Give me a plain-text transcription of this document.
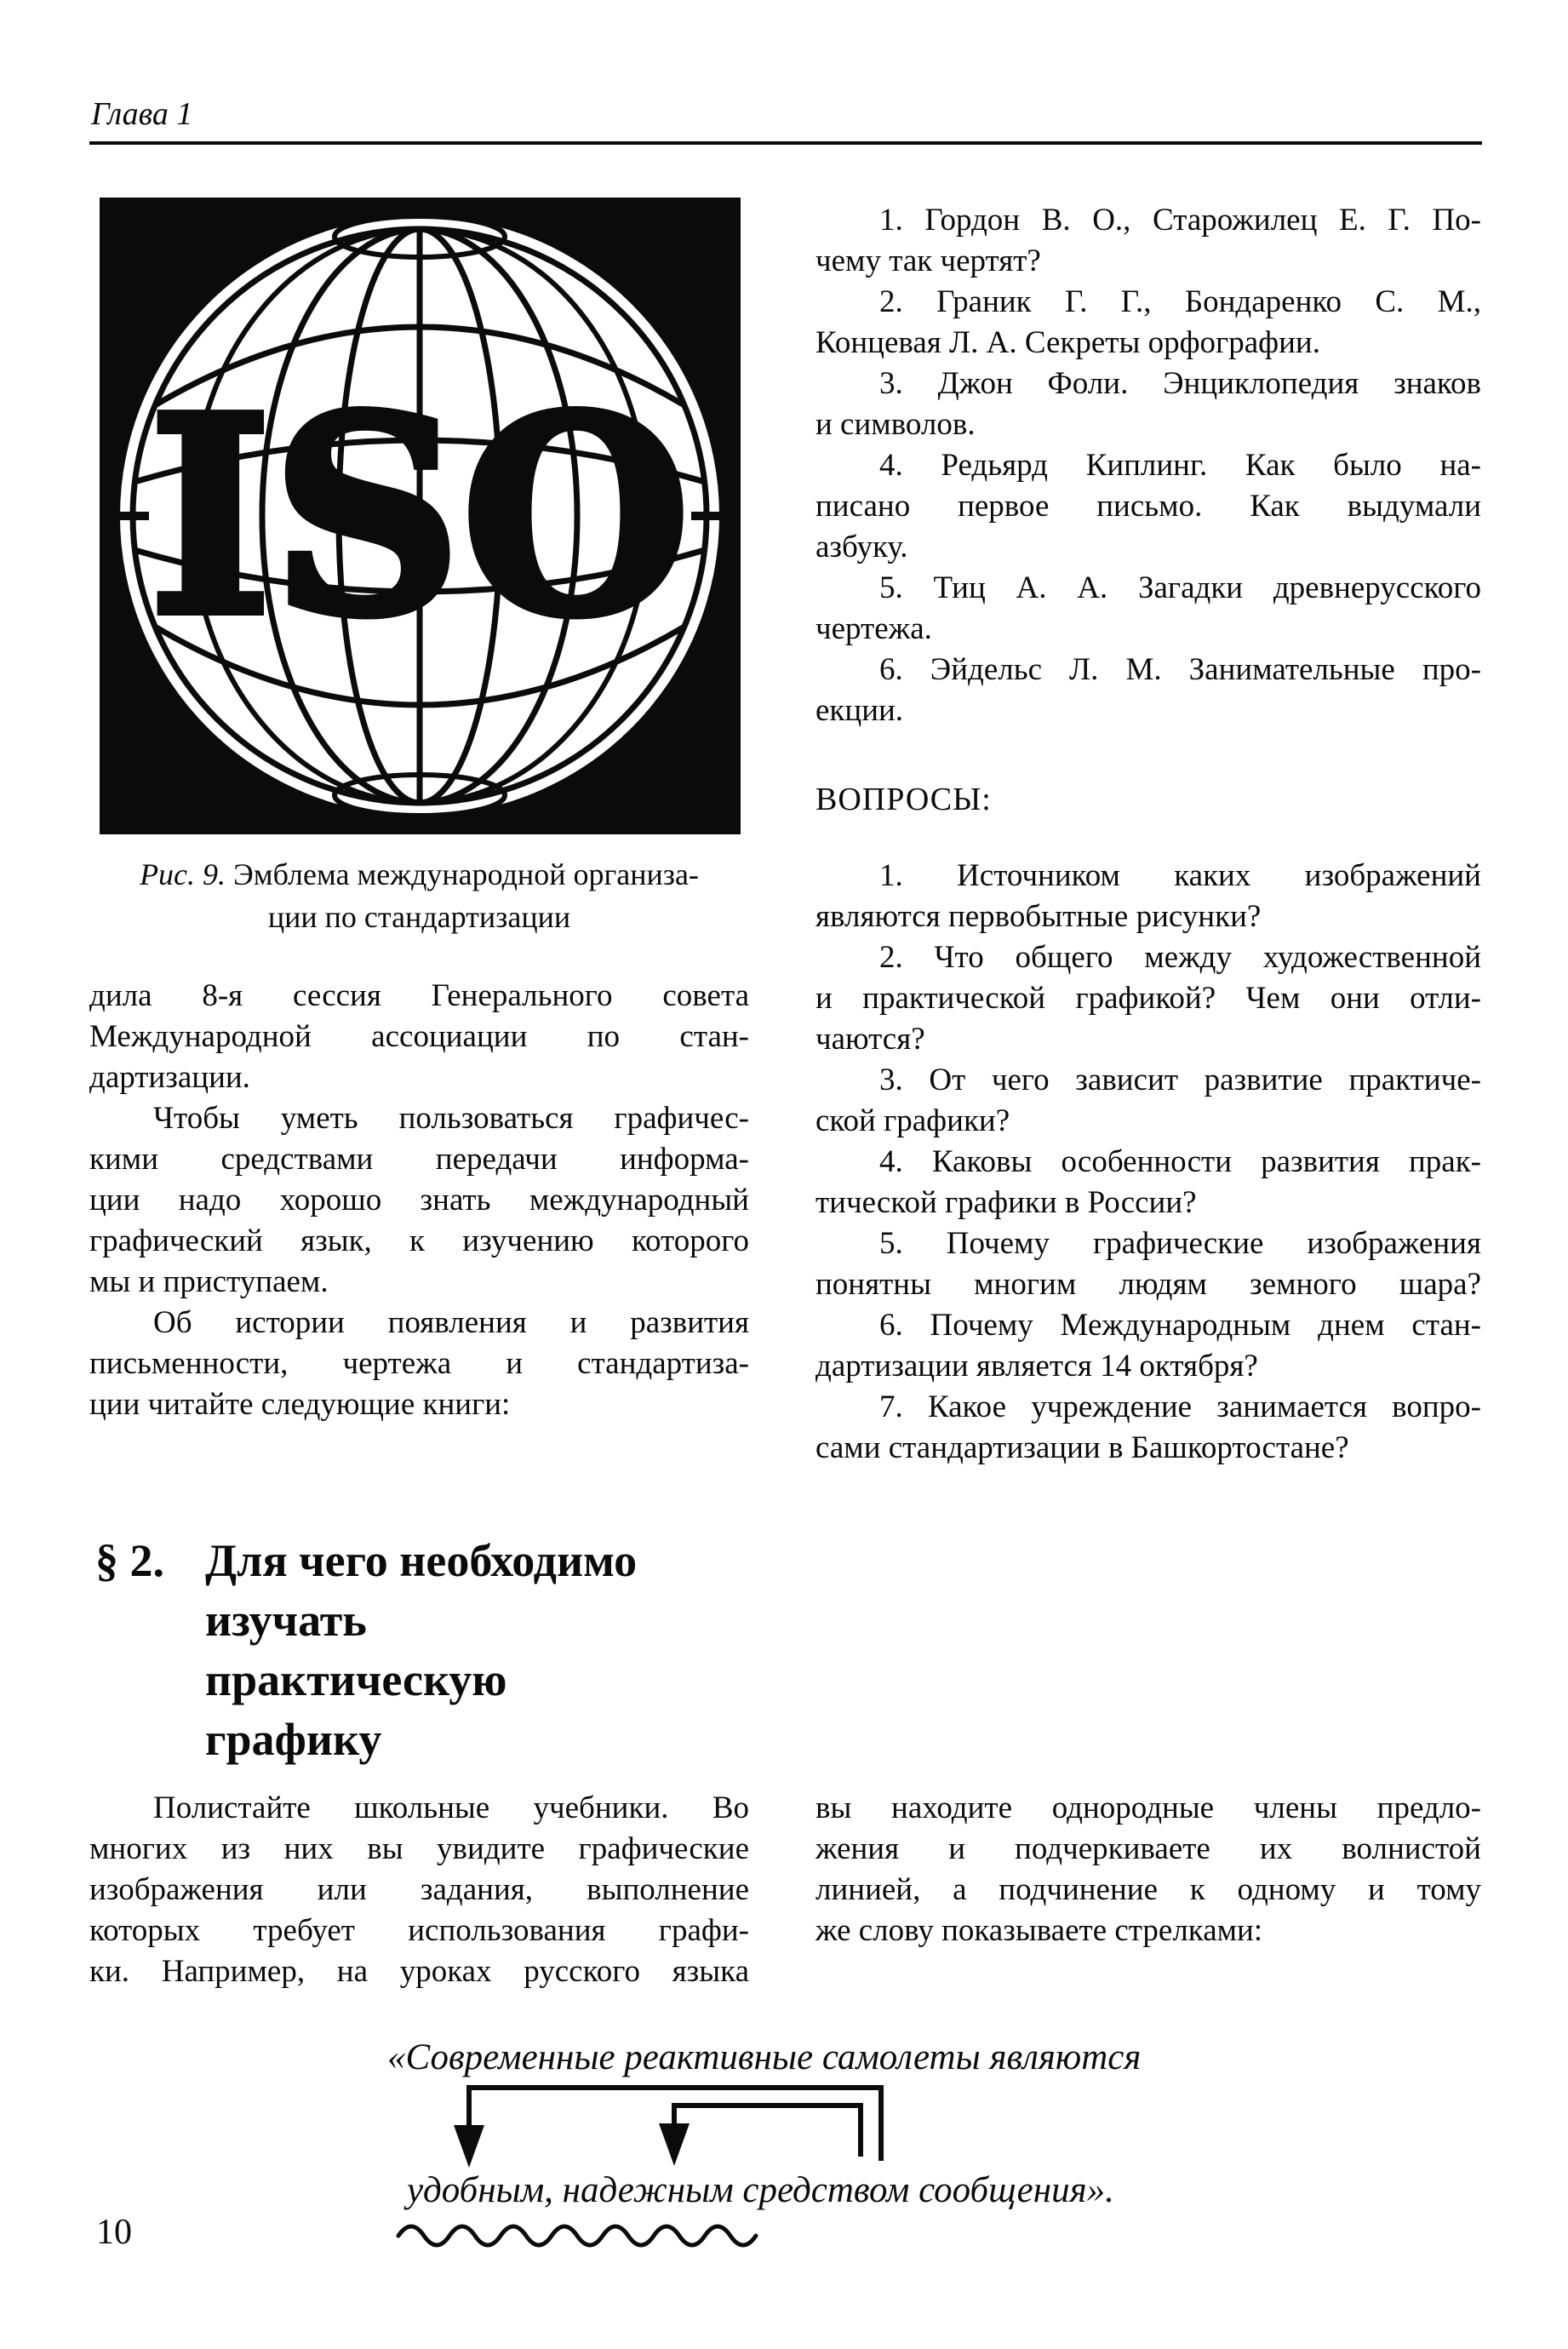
Глава 1
ISO
Рис. 9. Эмблема международной организа-
ции по стандартизации
дила 8-я сессия Генерального совета
Международной ассоциации по стан-
дартизации.
Чтобы уметь пользоваться графичес-
кими средствами передачи информа-
ции надо хорошо знать международный
графический язык, к изучению которого
мы и приступаем.
Об истории появления и развития
письменности, чертежа и стандартиза-
ции читайте следующие книги:
1. Гордон В. О., Старожилец Е. Г. По-
чему так чертят?
2. Граник Г. Г., Бондаренко С. М.,
Концевая Л. А. Секреты орфографии.
3. Джон Фоли. Энциклопедия знаков
и символов.
4. Редьярд Киплинг. Как было на-
писано первое письмо. Как выдумали
азбуку.
5. Тиц А. А. Загадки древнерусского
чертежа.
6. Эйдельс Л. М. Занимательные про-
екции.
ВОПРОСЫ:
1. Источником каких изображений
являются первобытные рисунки?
2. Что общего между художественной
и практической графикой? Чем они отли-
чаются?
3. От чего зависит развитие практиче-
ской графики?
4. Каковы особенности развития прак-
тической графики в России?
5. Почему графические изображения
понятны многим людям земного шара?
6. Почему Международным днем стан-
дартизации является 14 октября?
7. Какое учреждение занимается вопро-
сами стандартизации в Башкортостане?
§ 2. Для чего необходимо
изучать
практическую
графику
Полистайте школьные учебники. Во
многих из них вы увидите графические
изображения или задания, выполнение
которых требует использования графи-
ки. Например, на уроках русского языка
вы находите однородные члены предло-
жения и подчеркиваете их волнистой
линией, а подчинение к одному и тому
же слову показываете стрелками:
«Современные реактивные самолеты являются
удобным, надежным средством сообщения».
10
